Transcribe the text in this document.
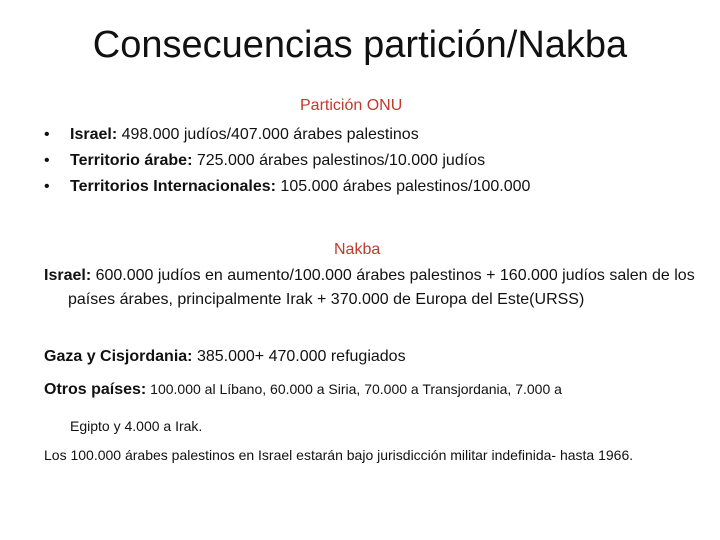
Consecuencias partición/Nakba
Partición ONU
• Israel: 498.000 judíos/407.000 árabes palestinos
• Territorio árabe: 725.000 árabes palestinos/10.000 judíos
• Territorios Internacionales: 105.000 árabes palestinos/100.000
Nakba

Israel: 600.000 judíos en aumento/100.000 árabes palestinos + 160.000 judíos salen de los países árabes, principalmente Irak + 370.000 de Europa del Este(URSS)

Gaza y Cisjordania: 385.000+ 470.000 refugiados

Otros países: 100.000 al Líbano, 60.000 a Siria, 70.000 a Transjordania, 7.000 a

Egipto y 4.000 a Irak.

Los 100.000 árabes palestinos en Israel estarán bajo jurisdicción militar indefinida- hasta 1966.
